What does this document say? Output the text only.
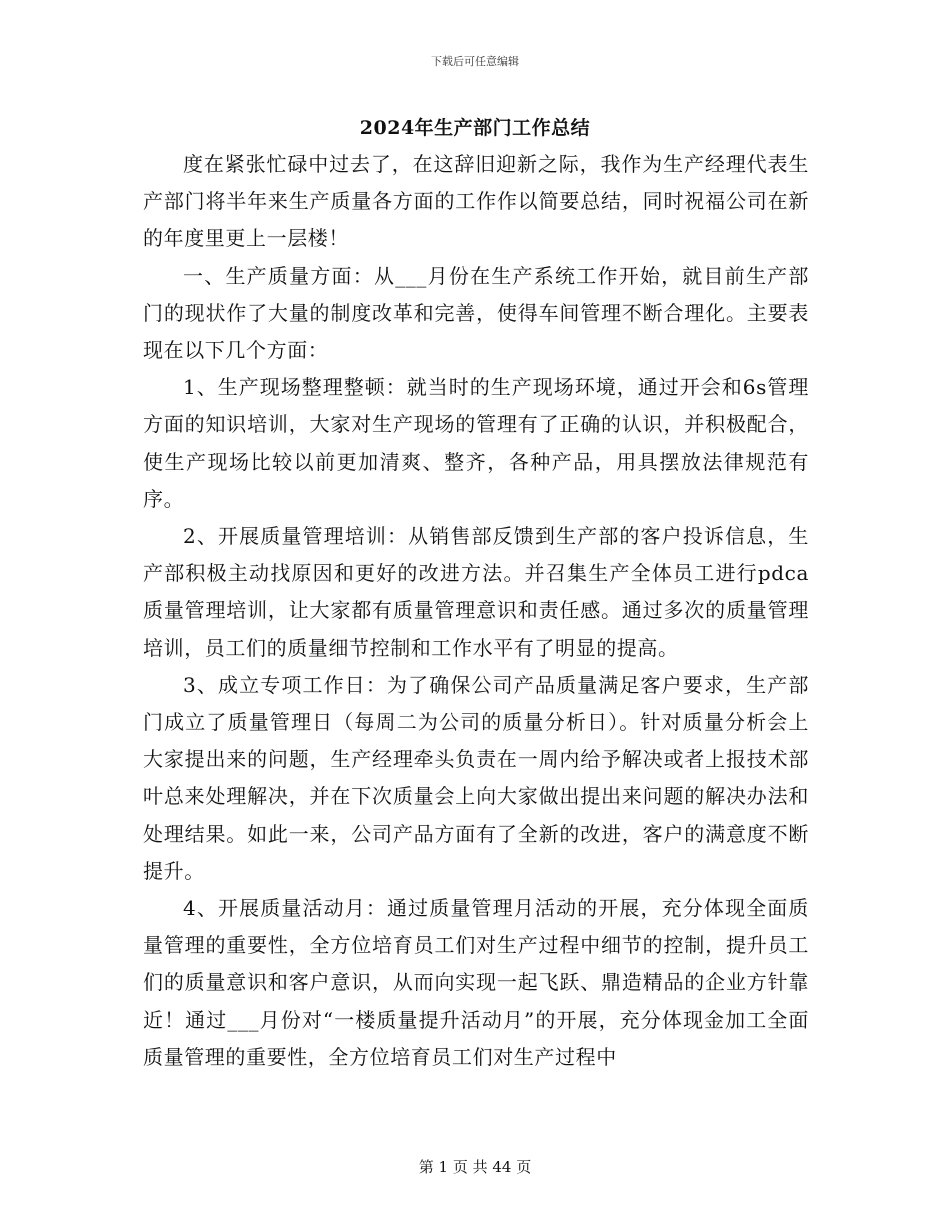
下载后可任意编辑
2024年生产部门工作总结

度在紧张忙碌中过去了，在这辞旧迎新之际，我作为生产经理代表生产部门将半年来生产质量各方面的工作作以简要总结，同时祝福公司在新的年度里更上一层楼！

一、生产质量方面：从___月份在生产系统工作开始，就目前生产部门的现状作了大量的制度改革和完善，使得车间管理不断合理化。主要表现在以下几个方面：

1、生产现场整理整顿：就当时的生产现场环境，通过开会和6s管理方面的知识培训，大家对生产现场的管理有了正确的认识，并积极配合，使生产现场比较以前更加清爽、整齐，各种产品，用具摆放法律规范有序。

2、开展质量管理培训：从销售部反馈到生产部的客户投诉信息，生产部积极主动找原因和更好的改进方法。并召集生产全体员工进行pdca质量管理培训，让大家都有质量管理意识和责任感。通过多次的质量管理培训，员工们的质量细节控制和工作水平有了明显的提高。

3、成立专项工作日：为了确保公司产品质量满足客户要求，生产部门成立了质量管理日（每周二为公司的质量分析日）。针对质量分析会上大家提出来的问题，生产经理牵头负责在一周内给予解决或者上报技术部叶总来处理解决，并在下次质量会上向大家做出提出来问题的解决办法和处理结果。如此一来，公司产品方面有了全新的改进，客户的满意度不断提升。

4、开展质量活动月：通过质量管理月活动的开展，充分体现全面质量管理的重要性，全方位培育员工们对生产过程中细节的控制，提升员工们的质量意识和客户意识，从而向实现一起飞跃、鼎造精品的企业方针靠近！通过___月份对“一楼质量提升活动月”的开展，充分体现金加工全面质量管理的重要性，全方位培育员工们对生产过程中

第 1 页 共 44 页
